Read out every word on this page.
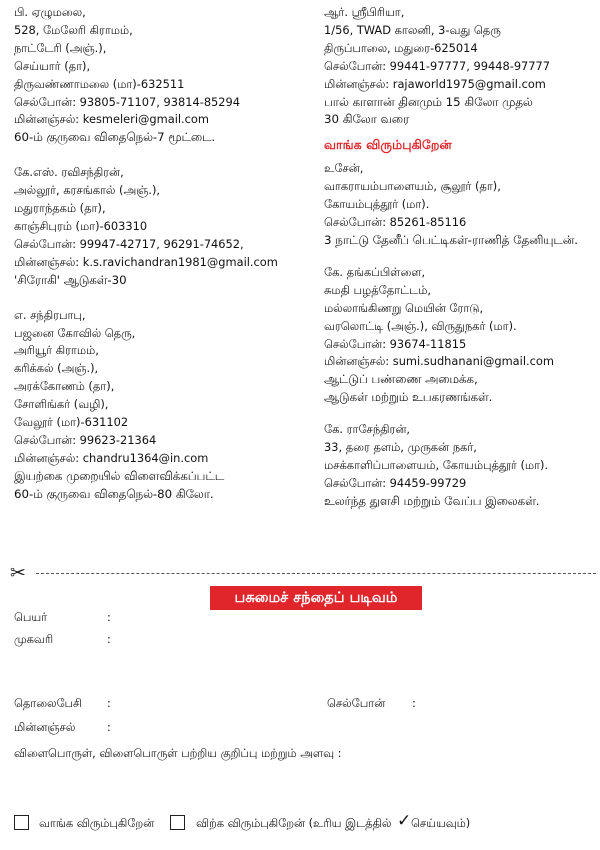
பி. ஏழுமலை,
528, மேலேரி கிராமம்,
நாட்டேரி (அஞ்.),
செய்யார் (தா),
திருவண்ணாமலை (மா)-632511
செல்போன்: 93805-71107, 93814-85294
மின்னஞ்சல்: kesmeleri@gmail.com
60-ம் குருவை விதைநெல்-7 மூட்டை.
கே.எஸ். ரவிசந்திரன்,
அல்லூர், கரசங்கால் (அஞ்.),
மதுராந்தகம் (தா),
காஞ்சிபுரம் (மா)-603310
செல்போன்: 99947-42717, 96291-74652,
மின்னஞ்சல்: k.s.ravichandran1981@gmail.com
'சிரோகி' ஆடுகள்-30
எ. சந்திரபாபு,
பஜனை கோவில் தெரு,
அரியூர் கிராமம்,
கரிக்கல் (அஞ்.),
அரக்கோணம் (தா),
சோளிங்கர் (வழி),
வேலூர் (மா)-631102
செல்போன்: 99623-21364
மின்னஞ்சல்: chandru1364@in.com
இயற்கை முறையில் விளைவிக்கப்பட்ட
60-ம் குருவை விதைநெல்-80 கிலோ.
ஆர். ஸ்ரீபிரியா,
1/56, TWAD காலனி, 3-வது தெரு
திருப்பாலை, மதுரை-625014
செல்போன்: 99441-97777, 99448-97777
மின்னஞ்சல்: rajaworld1975@gmail.com
பால் காளான் தினமும் 15 கிலோ முதல்
30 கிலோ வரை
வாங்க விரும்புகிறேன்
உசேன்,
வாகராயம்பாளையம், சூலூர் (தா),
கோயம்புத்தூர் (மா).
செல்போன்: 85261-85116
3 நாட்டு தேனீப் பெட்டிகள்-ராணித் தேனியுடன்.
கே. தங்கப்பிள்ளை,
சுமதி பழத்தோட்டம்,
மல்லாங்கிணறு மெயின் ரோடு,
வரலொட்டி (அஞ்.), விருதுநகர் (மா).
செல்போன்: 93674-11815
மின்னஞ்சல்: sumi.sudhanani@gmail.com
ஆட்டுப் பண்ணை அமைக்க,
ஆடுகள் மற்றும் உபகரணங்கள்.
கே. ராசேந்திரன்,
33, தரை தளம், முருகன் நகர்,
மசக்காளிப்பாளையம், கோயம்புத்தூர் (மா).
செல்போன்: 94459-99729
உலர்ந்த துளசி மற்றும் வேப்ப இலைகள்.
✂
பசுமைச் சந்தைப் படிவம்
பெயர்	:
முகவரி	:
தொலைபேசி :	செல்போன் :
மின்னஞ்சல்	:
விளைபொருள், விளைபொருள் பற்றிய குறிப்பு மற்றும் அளவு :
வாங்க விரும்புகிறேன்	விற்க விரும்புகிறேன் (உரிய இடத்தில் ✓ செய்யவும்)
